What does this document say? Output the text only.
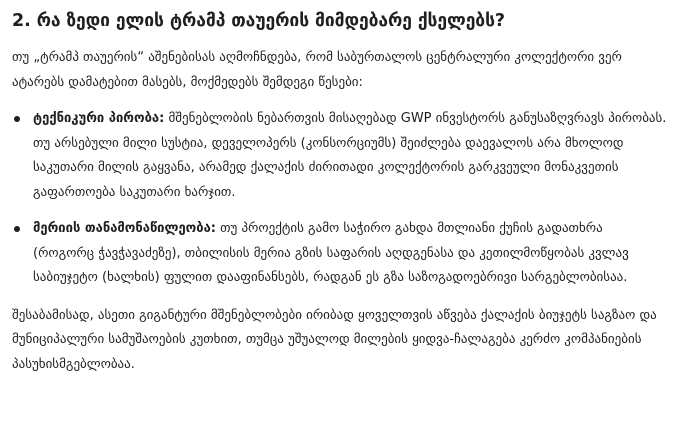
2. რა ზედი ელის ტრამპ თაუერის მიმდებარე ქსელებს?

თუ „ტრამპ თაუერის“ აშენებისას აღმოჩნდება, რომ საბურთალოს ცენტრალური კოლექტორი ვერ ატარებს დამატებით მასებს, მოქმედებს შემდეგი წესები:

ტექნიკური პირობა: მშენებლობის ნებართვის მისაღებად GWP ინვესტორს განუსაზღვრავს პირობას. თუ არსებული მილი სუსტია, დეველოპერს (კონსორციუმს) შეიძლება დაევალოს არა მხოლოდ საკუთარი მილის გაყვანა, არამედ ქალაქის ძირითადი კოლექტორის გარკვეული მონაკვეთის გაფართოება საკუთარი ხარჯით.
მერიის თანამონაწილეობა: თუ პროექტის გამო საჭირო გახდა მთლიანი ქუჩის გადათხრა (როგორც ჭავჭავაძეზე), თბილისის მერია გზის საფარის აღდგენასა და კეთილმოწყობას კვლავ საბიუჯეტო (ხალხის) ფულით დააფინანსებს, რადგან ეს გზა საზოგადოებრივი სარგებლობისაა.

შესაბამისად, ასეთი გიგანტური მშენებლობები ირიბად ყოველთვის აწვება ქალაქის ბიუჯეტს საგზაო და მუნიციპალური სამუშაოების კუთხით, თუმცა უშუალოდ მილების ყიდვა-ჩალაგება კერძო კომპანიების პასუხისმგებლობაა.
